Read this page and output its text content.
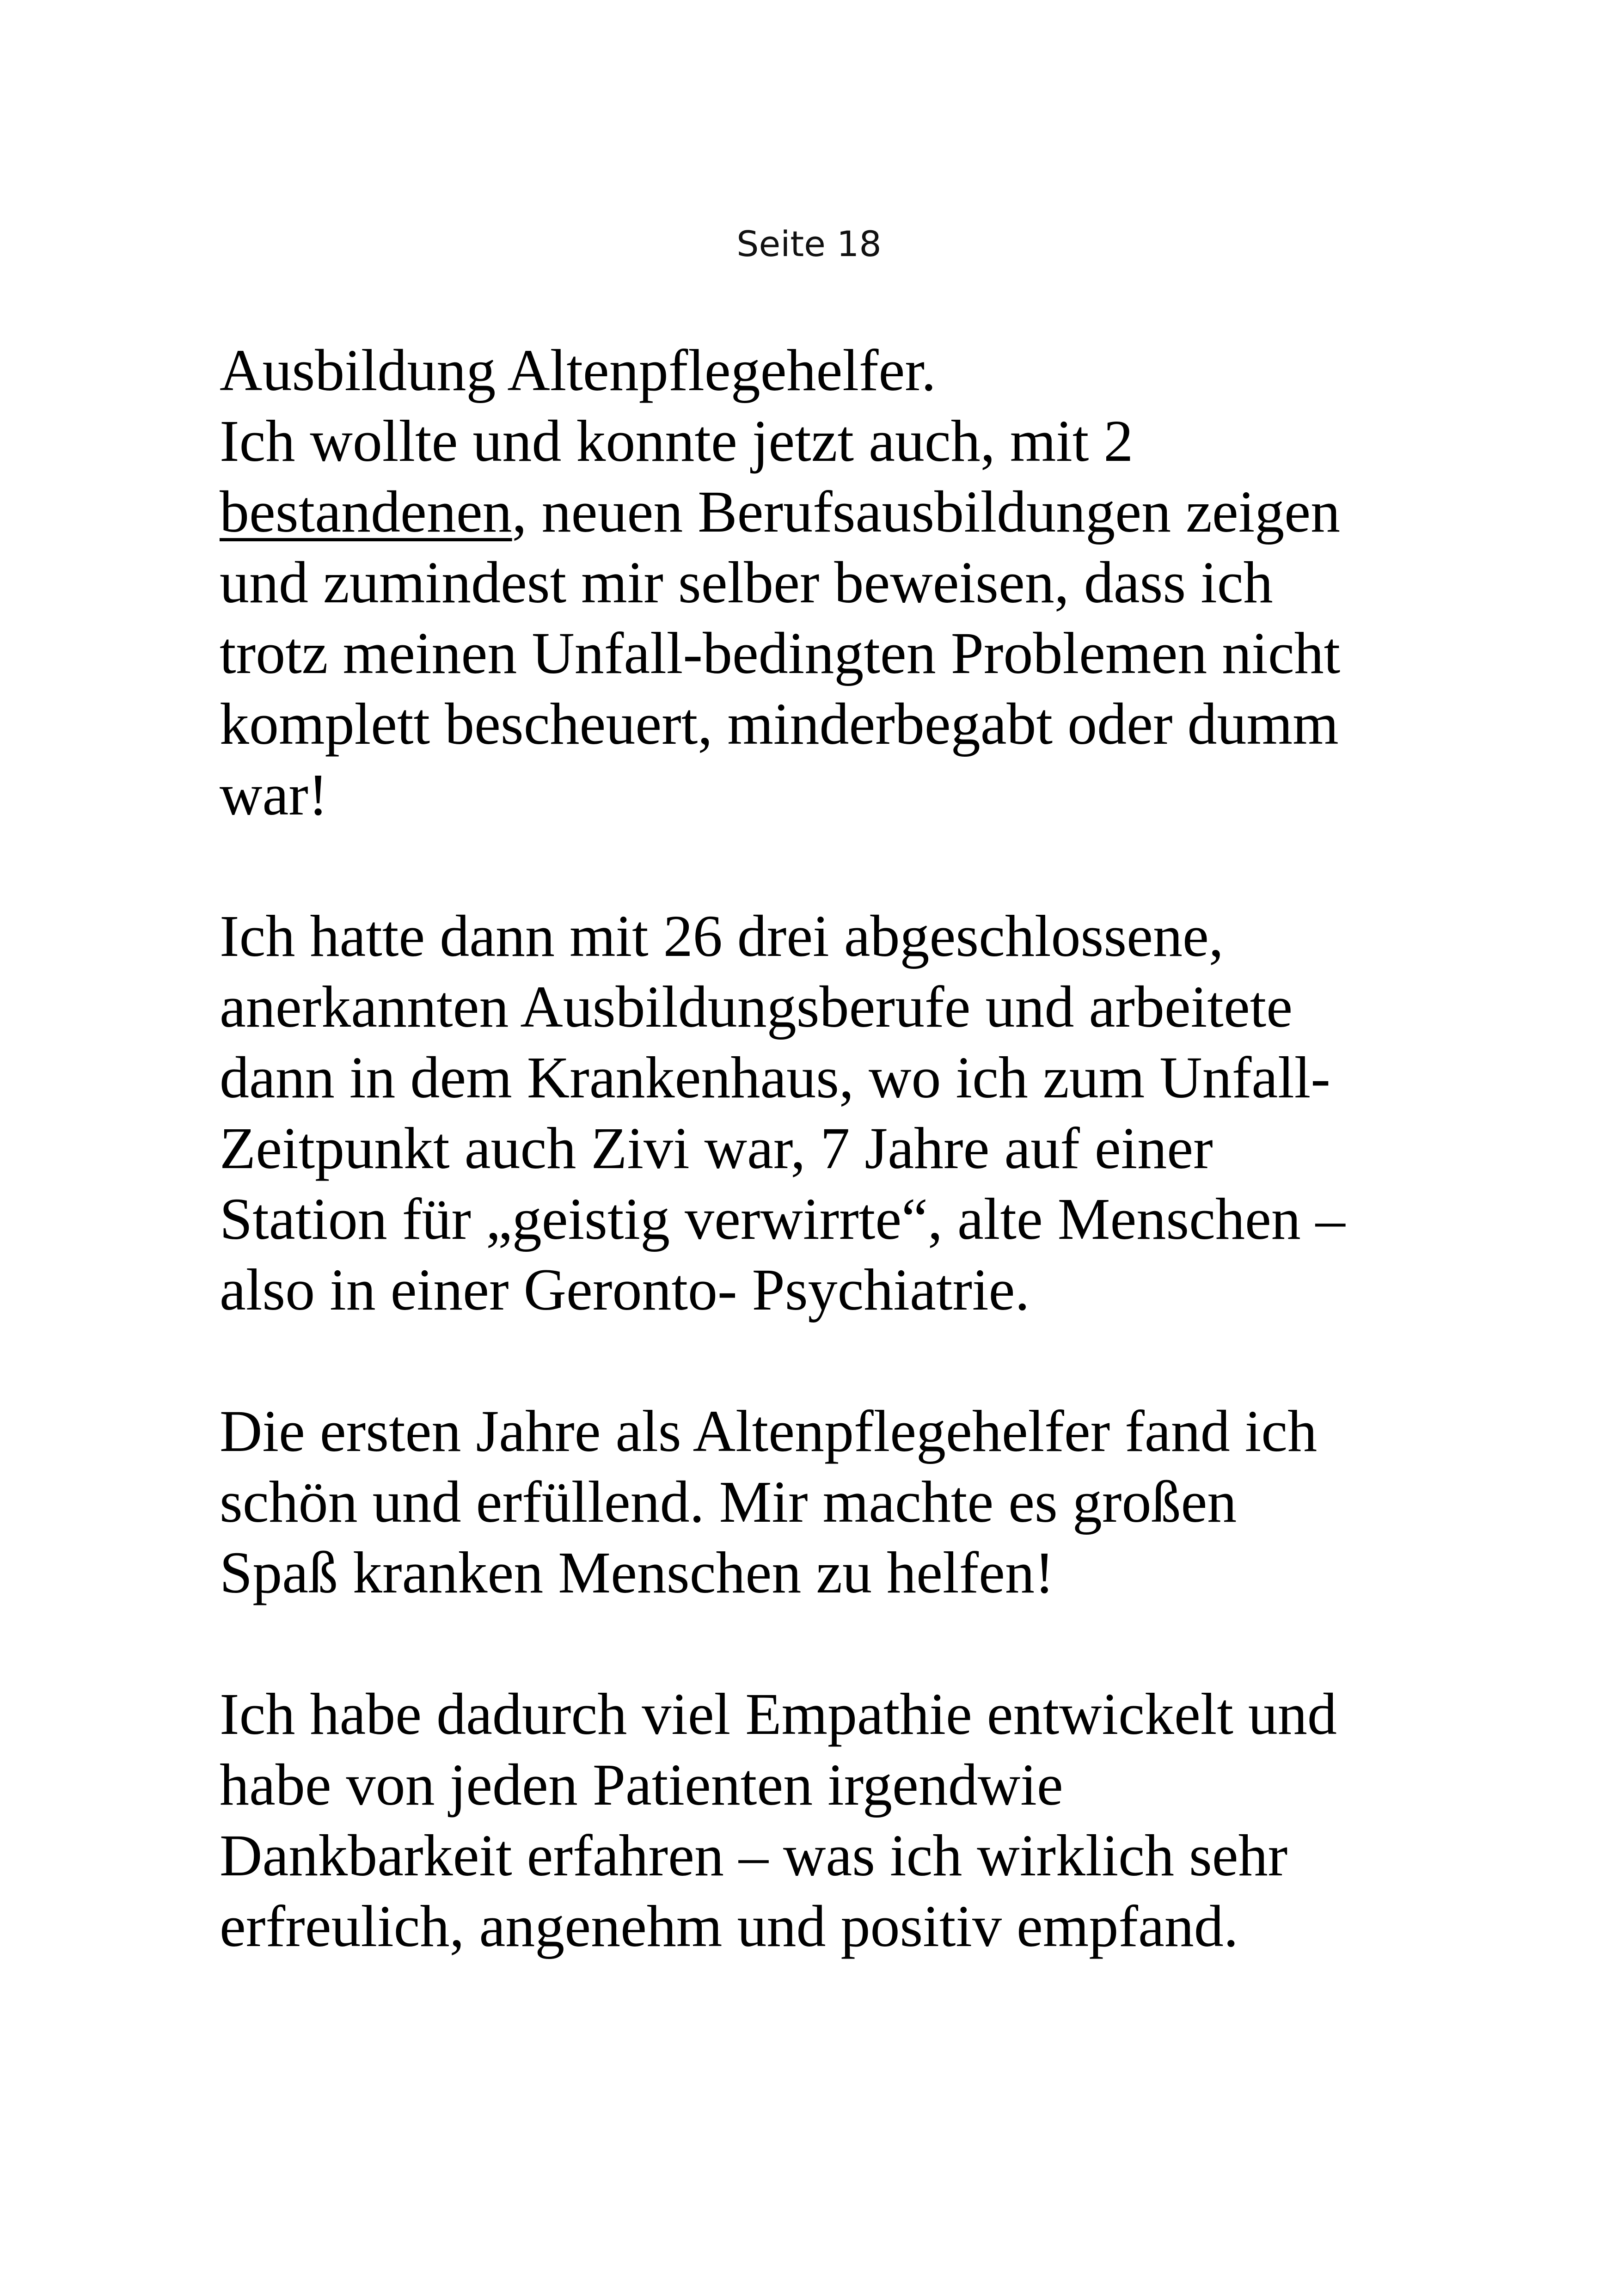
Seite 18

Ausbildung Altenpflegehelfer.
Ich wollte und konnte jetzt auch, mit 2
bestandenen, neuen Berufsausbildungen zeigen
und zumindest mir selber beweisen, dass ich
trotz meinen Unfall-bedingten Problemen nicht
komplett bescheuert, minderbegabt oder dumm
war!

Ich hatte dann mit 26 drei abgeschlossene,
anerkannten Ausbildungsberufe und arbeitete
dann in dem Krankenhaus, wo ich zum Unfall-
Zeitpunkt auch Zivi war, 7 Jahre auf einer
Station für „geistig verwirrte“, alte Menschen –
also in einer Geronto- Psychiatrie.

Die ersten Jahre als Altenpflegehelfer fand ich
schön und erfüllend. Mir machte es großen
Spaß kranken Menschen zu helfen!

Ich habe dadurch viel Empathie entwickelt und
habe von jeden Patienten irgendwie
Dankbarkeit erfahren – was ich wirklich sehr
erfreulich, angenehm und positiv empfand.
